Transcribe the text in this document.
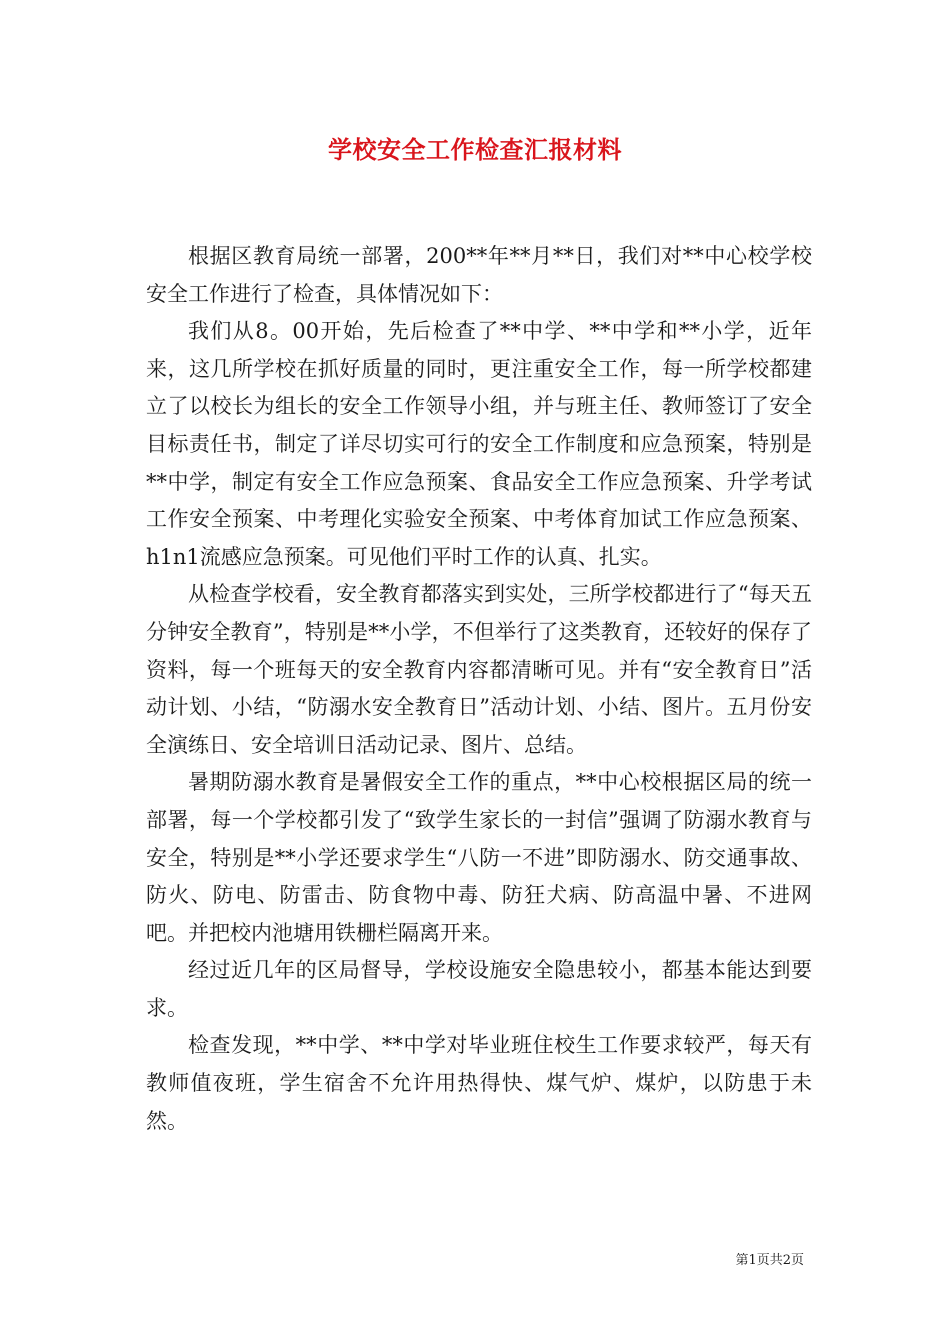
学校安全工作检查汇报材料

根据区教育局统一部署，200**年**月**日，我们对**中心校学校安全工作进行了检查，具体情况如下：

我们从8。00开始，先后检查了**中学、**中学和**小学，近年来，这几所学校在抓好质量的同时，更注重安全工作，每一所学校都建立了以校长为组长的安全工作领导小组，并与班主任、教师签订了安全目标责任书，制定了详尽切实可行的安全工作制度和应急预案，特别是**中学，制定有安全工作应急预案、食品安全工作应急预案、升学考试工作安全预案、中考理化实验安全预案、中考体育加试工作应急预案、h1n1流感应急预案。可见他们平时工作的认真、扎实。

从检查学校看，安全教育都落实到实处，三所学校都进行了“每天五分钟安全教育”，特别是**小学，不但举行了这类教育，还较好的保存了资料，每一个班每天的安全教育内容都清晰可见。并有“安全教育日”活动计划、小结，“防溺水安全教育日”活动计划、小结、图片。五月份安全演练日、安全培训日活动记录、图片、总结。

暑期防溺水教育是暑假安全工作的重点，**中心校根据区局的统一部署，每一个学校都引发了“致学生家长的一封信”强调了防溺水教育与安全，特别是**小学还要求学生“八防一不进”即防溺水、防交通事故、防火、防电、防雷击、防食物中毒、防狂犬病、防高温中暑、不进网吧。并把校内池塘用铁栅栏隔离开来。

经过近几年的区局督导，学校设施安全隐患较小，都基本能达到要求。

检查发现，**中学、**中学对毕业班住校生工作要求较严，每天有教师值夜班，学生宿舍不允许用热得快、煤气炉、煤炉，以防患于未然。

第1页共2页
